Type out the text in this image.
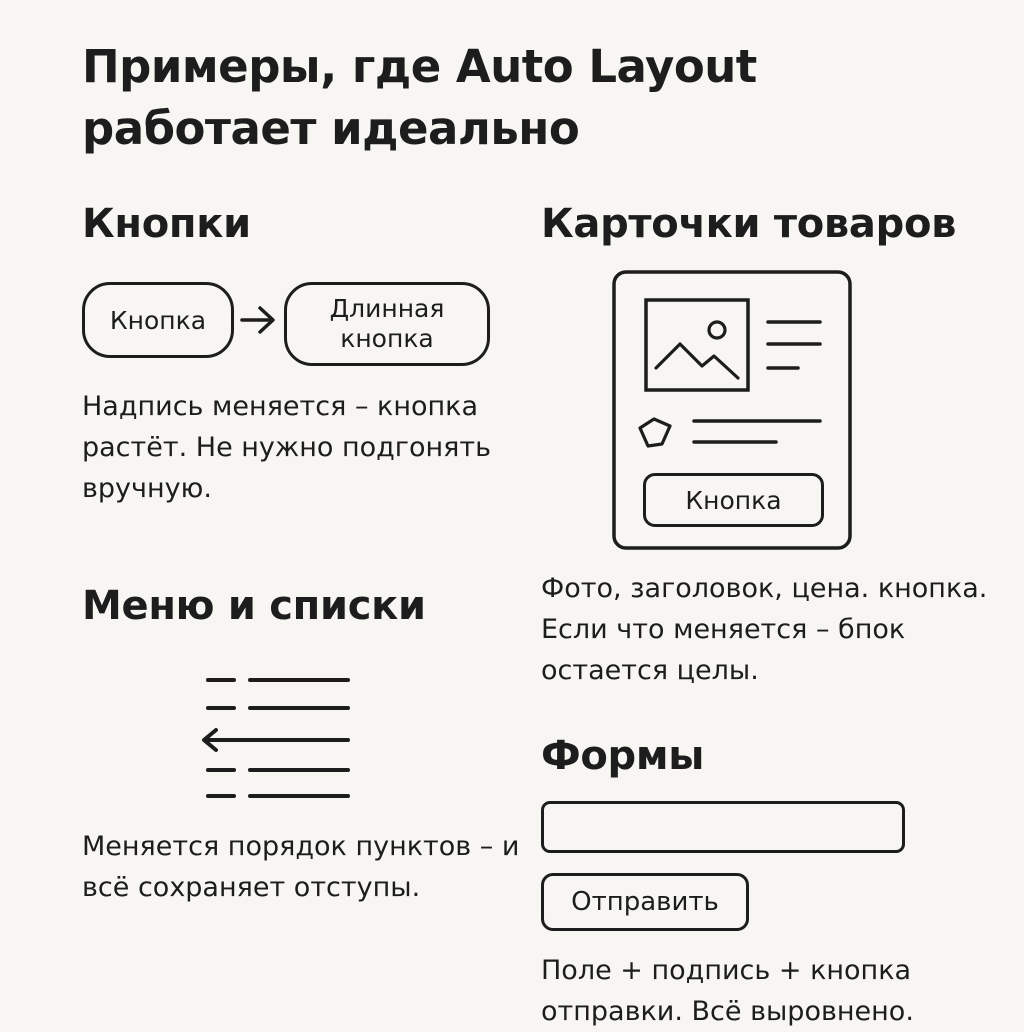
Примеры, где Auto Layout работает идеально
Кнопки
Кнопка	Длинная кнопка

Надпись меняется – кнопка растёт. Не нужно подгонять вручную.

Карточки товаров
Кнопка

Фото, заголовок, цена. кнопка. Если что меняется – бпок остается целы.

Меню и списки

Меняется порядок пунктов – и всё сохраняет отступы.

Формы
Отправить

Поле + подпись + кнопка отправки. Всё выровнено.
